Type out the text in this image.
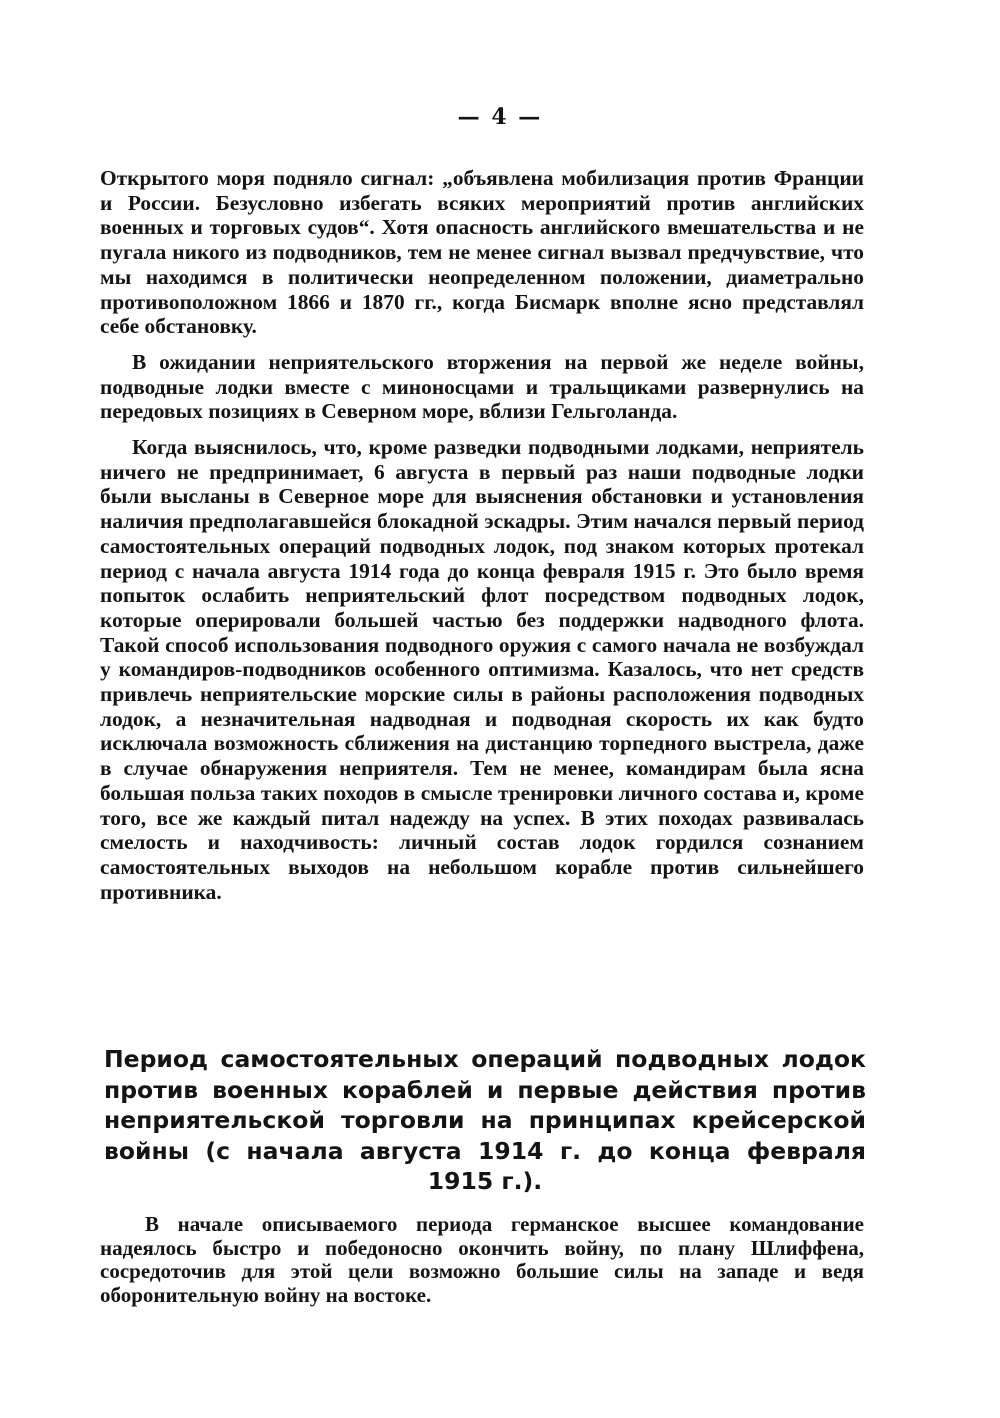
— 4 —

Открытого моря подняло сигнал: „объявлена мобилизация против Франции и России. Безусловно избегать всяких мероприятий против английских военных и торговых судов“. Хотя опасность английского вмешательства и не пугала никого из подводников, тем не менее сигнал вызвал предчувствие, что мы находимся в политически неопределенном положении, диаметрально противоположном 1866 и 1870 гг., когда Бисмарк вполне ясно представлял себе обстановку.

В ожидании неприятельского вторжения на первой же неделе войны, подводные лодки вместе с миноносцами и тральщиками развернулись на передовых позициях в Северном море, вблизи Гельголанда.

Когда выяснилось, что, кроме разведки подводными лодками, неприятель ничего не предпринимает, 6 августа в первый раз наши подводные лодки были высланы в Северное море для выяснения обстановки и установления наличия предполагавшейся блокадной эскадры. Этим начался первый период самостоятельных операций подводных лодок, под знаком которых протекал период с начала августа 1914 года до конца февраля 1915 г. Это было время попыток ослабить неприятельский флот посредством подводных лодок, которые оперировали большей частью без поддержки надводного флота. Такой способ использования подводного оружия с самого начала не возбуждал у командиров-подводников особенного оптимизма. Казалось, что нет средств привлечь неприятельские морские силы в районы расположения подводных лодок, а незначительная надводная и подводная скорость их как будто исключала возможность сближения на дистанцию торпедного выстрела, даже в случае обнаружения неприятеля. Тем не менее, командирам была ясна большая польза таких походов в смысле тренировки личного состава и, кроме того, все же каждый питал надежду на успех. В этих походах развивалась смелость и находчивость: личный состав лодок гордился сознанием самостоятельных выходов на небольшом корабле против сильнейшего противника.

Период самостоятельных операций подводных лодок против военных кораблей и первые действия против неприятельской торговли на принципах крейсерской войны (с начала августа 1914 г. до конца февраля 1915 г.).

В начале описываемого периода германское высшее командование надеялось быстро и победоносно окончить войну, по плану Шлиффена, сосредоточив для этой цели возможно большие силы на западе и ведя оборонительную войну на востоке.
